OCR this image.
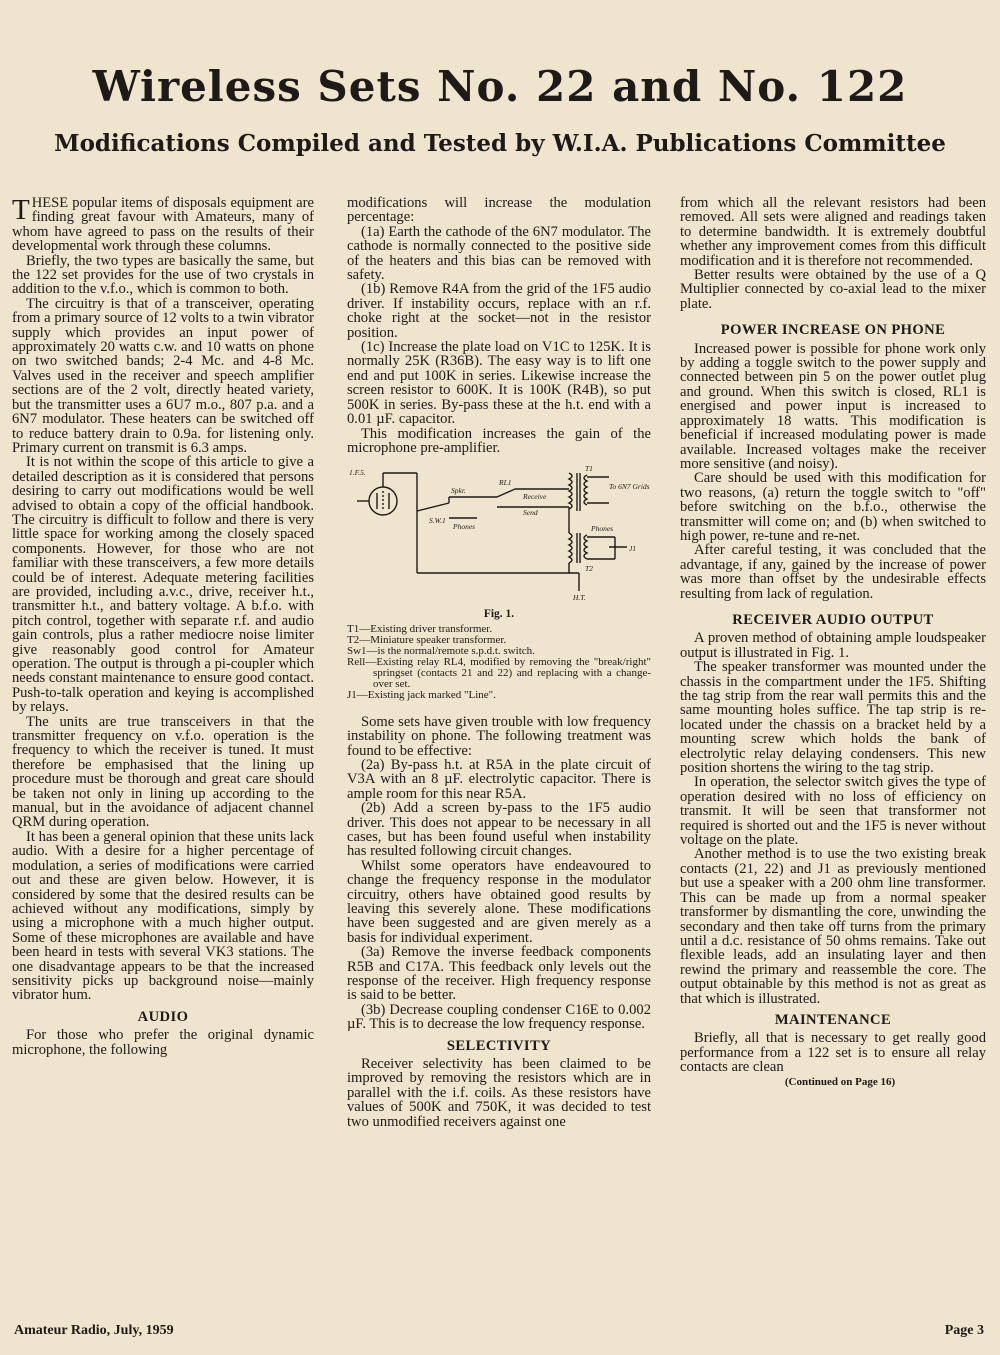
Wireless Sets No. 22 and No. 122
Modifications Compiled and Tested by W.I.A. Publications Committee

THESE popular items of disposals equipment are finding great favour with Amateurs, many of whom have agreed to pass on the results of their developmental work through these columns.

Briefly, the two types are basically the same, but the 122 set provides for the use of two crystals in addition to the v.f.o., which is common to both.

The circuitry is that of a transceiver, operating from a primary source of 12 volts to a twin vibrator supply which provides an input power of approximately 20 watts c.w. and 10 watts on phone on two switched bands; 2-4 Mc. and 4-8 Mc. Valves used in the receiver and speech amplifier sections are of the 2 volt, directly heated variety, but the transmitter uses a 6U7 m.o., 807 p.a. and a 6N7 modulator. These heaters can be switched off to reduce battery drain to 0.9a. for listening only. Primary current on transmit is 6.3 amps.

It is not within the scope of this article to give a detailed description as it is considered that persons desiring to carry out modifications would be well advised to obtain a copy of the official handbook. The circuitry is difficult to follow and there is very little space for working among the closely spaced components. However, for those who are not familiar with these transceivers, a few more details could be of interest. Adequate metering facilities are provided, including a.v.c., drive, receiver h.t., transmitter h.t., and battery voltage. A b.f.o. with pitch control, together with separate r.f. and audio gain controls, plus a rather mediocre noise limiter give reasonably good control for Amateur operation. The output is through a pi-coupler which needs constant maintenance to ensure good contact. Push-to-talk operation and keying is accomplished by relays.

The units are true transceivers in that the transmitter frequency on v.f.o. operation is the frequency to which the receiver is tuned. It must therefore be emphasised that the lining up procedure must be thorough and great care should be taken not only in lining up according to the manual, but in the avoidance of adjacent channel QRM during operation.

It has been a general opinion that these units lack audio. With a desire for a higher percentage of modulation, a series of modifications were carried out and these are given below. However, it is considered by some that the desired results can be achieved without any modifications, simply by using a microphone with a much higher output. Some of these microphones are available and have been heard in tests with several VK3 stations. The one disadvantage appears to be that the increased sensitivity picks up background noise—mainly vibrator hum.

AUDIO

For those who prefer the original dynamic microphone, the following

modifications will increase the modulation percentage:

(1a) Earth the cathode of the 6N7 modulator. The cathode is normally connected to the positive side of the heaters and this bias can be removed with safety.

(1b) Remove R4A from the grid of the 1F5 audio driver. If instability occurs, replace with an r.f. choke right at the socket—not in the resistor position.

(1c) Increase the plate load on V1C to 125K. It is normally 25K (R36B). The easy way is to lift one end and put 100K in series. Likewise increase the screen resistor to 600K. It is 100K (R4B), so put 500K in series. By-pass these at the h.t. end with a 0.01 µF. capacitor.

This modification increases the gain of the microphone pre-amplifier.

1.F.5.	T1
To 6N7 Grids
S.W.1
Spkr.
RL1
Receive
Send
Phones	Phones
J1
T2
H.T.
Fig. 1.
T1—Existing driver transformer.
T2—Miniature speaker transformer.
Sw1—is the normal/remote s.p.d.t. switch.
Rell—Existing relay RL4, modified by removing the "break/right" springset (contacts 21 and 22) and replacing with a change-over set.
J1—Existing jack marked "Line".

Some sets have given trouble with low frequency instability on phone. The following treatment was found to be effective:

(2a) By-pass h.t. at R5A in the plate circuit of V3A with an 8 µF. electrolytic capacitor. There is ample room for this near R5A.

(2b) Add a screen by-pass to the 1F5 audio driver. This does not appear to be necessary in all cases, but has been found useful when instability has resulted following circuit changes.

Whilst some operators have endeavoured to change the frequency response in the modulator circuitry, others have obtained good results by leaving this severely alone. These modifications have been suggested and are given merely as a basis for individual experiment.

(3a) Remove the inverse feedback components R5B and C17A. This feedback only levels out the response of the receiver. High frequency response is said to be better.

(3b) Decrease coupling condenser C16E to 0.002 µF. This is to decrease the low frequency response.

SELECTIVITY

Receiver selectivity has been claimed to be improved by removing the resistors which are in parallel with the i.f. coils. As these resistors have values of 500K and 750K, it was decided to test two unmodified receivers against one

from which all the relevant resistors had been removed. All sets were aligned and readings taken to determine bandwidth. It is extremely doubtful whether any improvement comes from this difficult modification and it is therefore not recommended.

Better results were obtained by the use of a Q Multiplier connected by co-axial lead to the mixer plate.

POWER INCREASE ON PHONE

Increased power is possible for phone work only by adding a toggle switch to the power supply and connected between pin 5 on the power outlet plug and ground. When this switch is closed, RL1 is energised and power input is increased to approximately 18 watts. This modification is beneficial if increased modulating power is made available. Increased voltages make the receiver more sensitive (and noisy).

Care should be used with this modification for two reasons, (a) return the toggle switch to "off" before switching on the b.f.o., otherwise the transmitter will come on; and (b) when switched to high power, re-tune and re-net.

After careful testing, it was concluded that the advantage, if any, gained by the increase of power was more than offset by the undesirable effects resulting from lack of regulation.

RECEIVER AUDIO OUTPUT

A proven method of obtaining ample loudspeaker output is illustrated in Fig. 1.

The speaker transformer was mounted under the chassis in the compartment under the 1F5. Shifting the tag strip from the rear wall permits this and the same mounting holes suffice. The tap strip is re-located under the chassis on a bracket held by a mounting screw which holds the bank of electrolytic relay delaying condensers. This new position shortens the wiring to the tag strip.

In operation, the selector switch gives the type of operation desired with no loss of efficiency on transmit. It will be seen that transformer not required is shorted out and the 1F5 is never without voltage on the plate.

Another method is to use the two existing break contacts (21, 22) and J1 as previously mentioned but use a speaker with a 200 ohm line transformer. This can be made up from a normal speaker transformer by dismantling the core, unwinding the secondary and then take off turns from the primary until a d.c. resistance of 50 ohms remains. Take out flexible leads, add an insulating layer and then rewind the primary and reassemble the core. The output obtainable by this method is not as great as that which is illustrated.

MAINTENANCE

Briefly, all that is necessary to get really good performance from a 122 set is to ensure all relay contacts are clean

(Continued on Page 16)

Amateur Radio, July, 1959	Page 3
